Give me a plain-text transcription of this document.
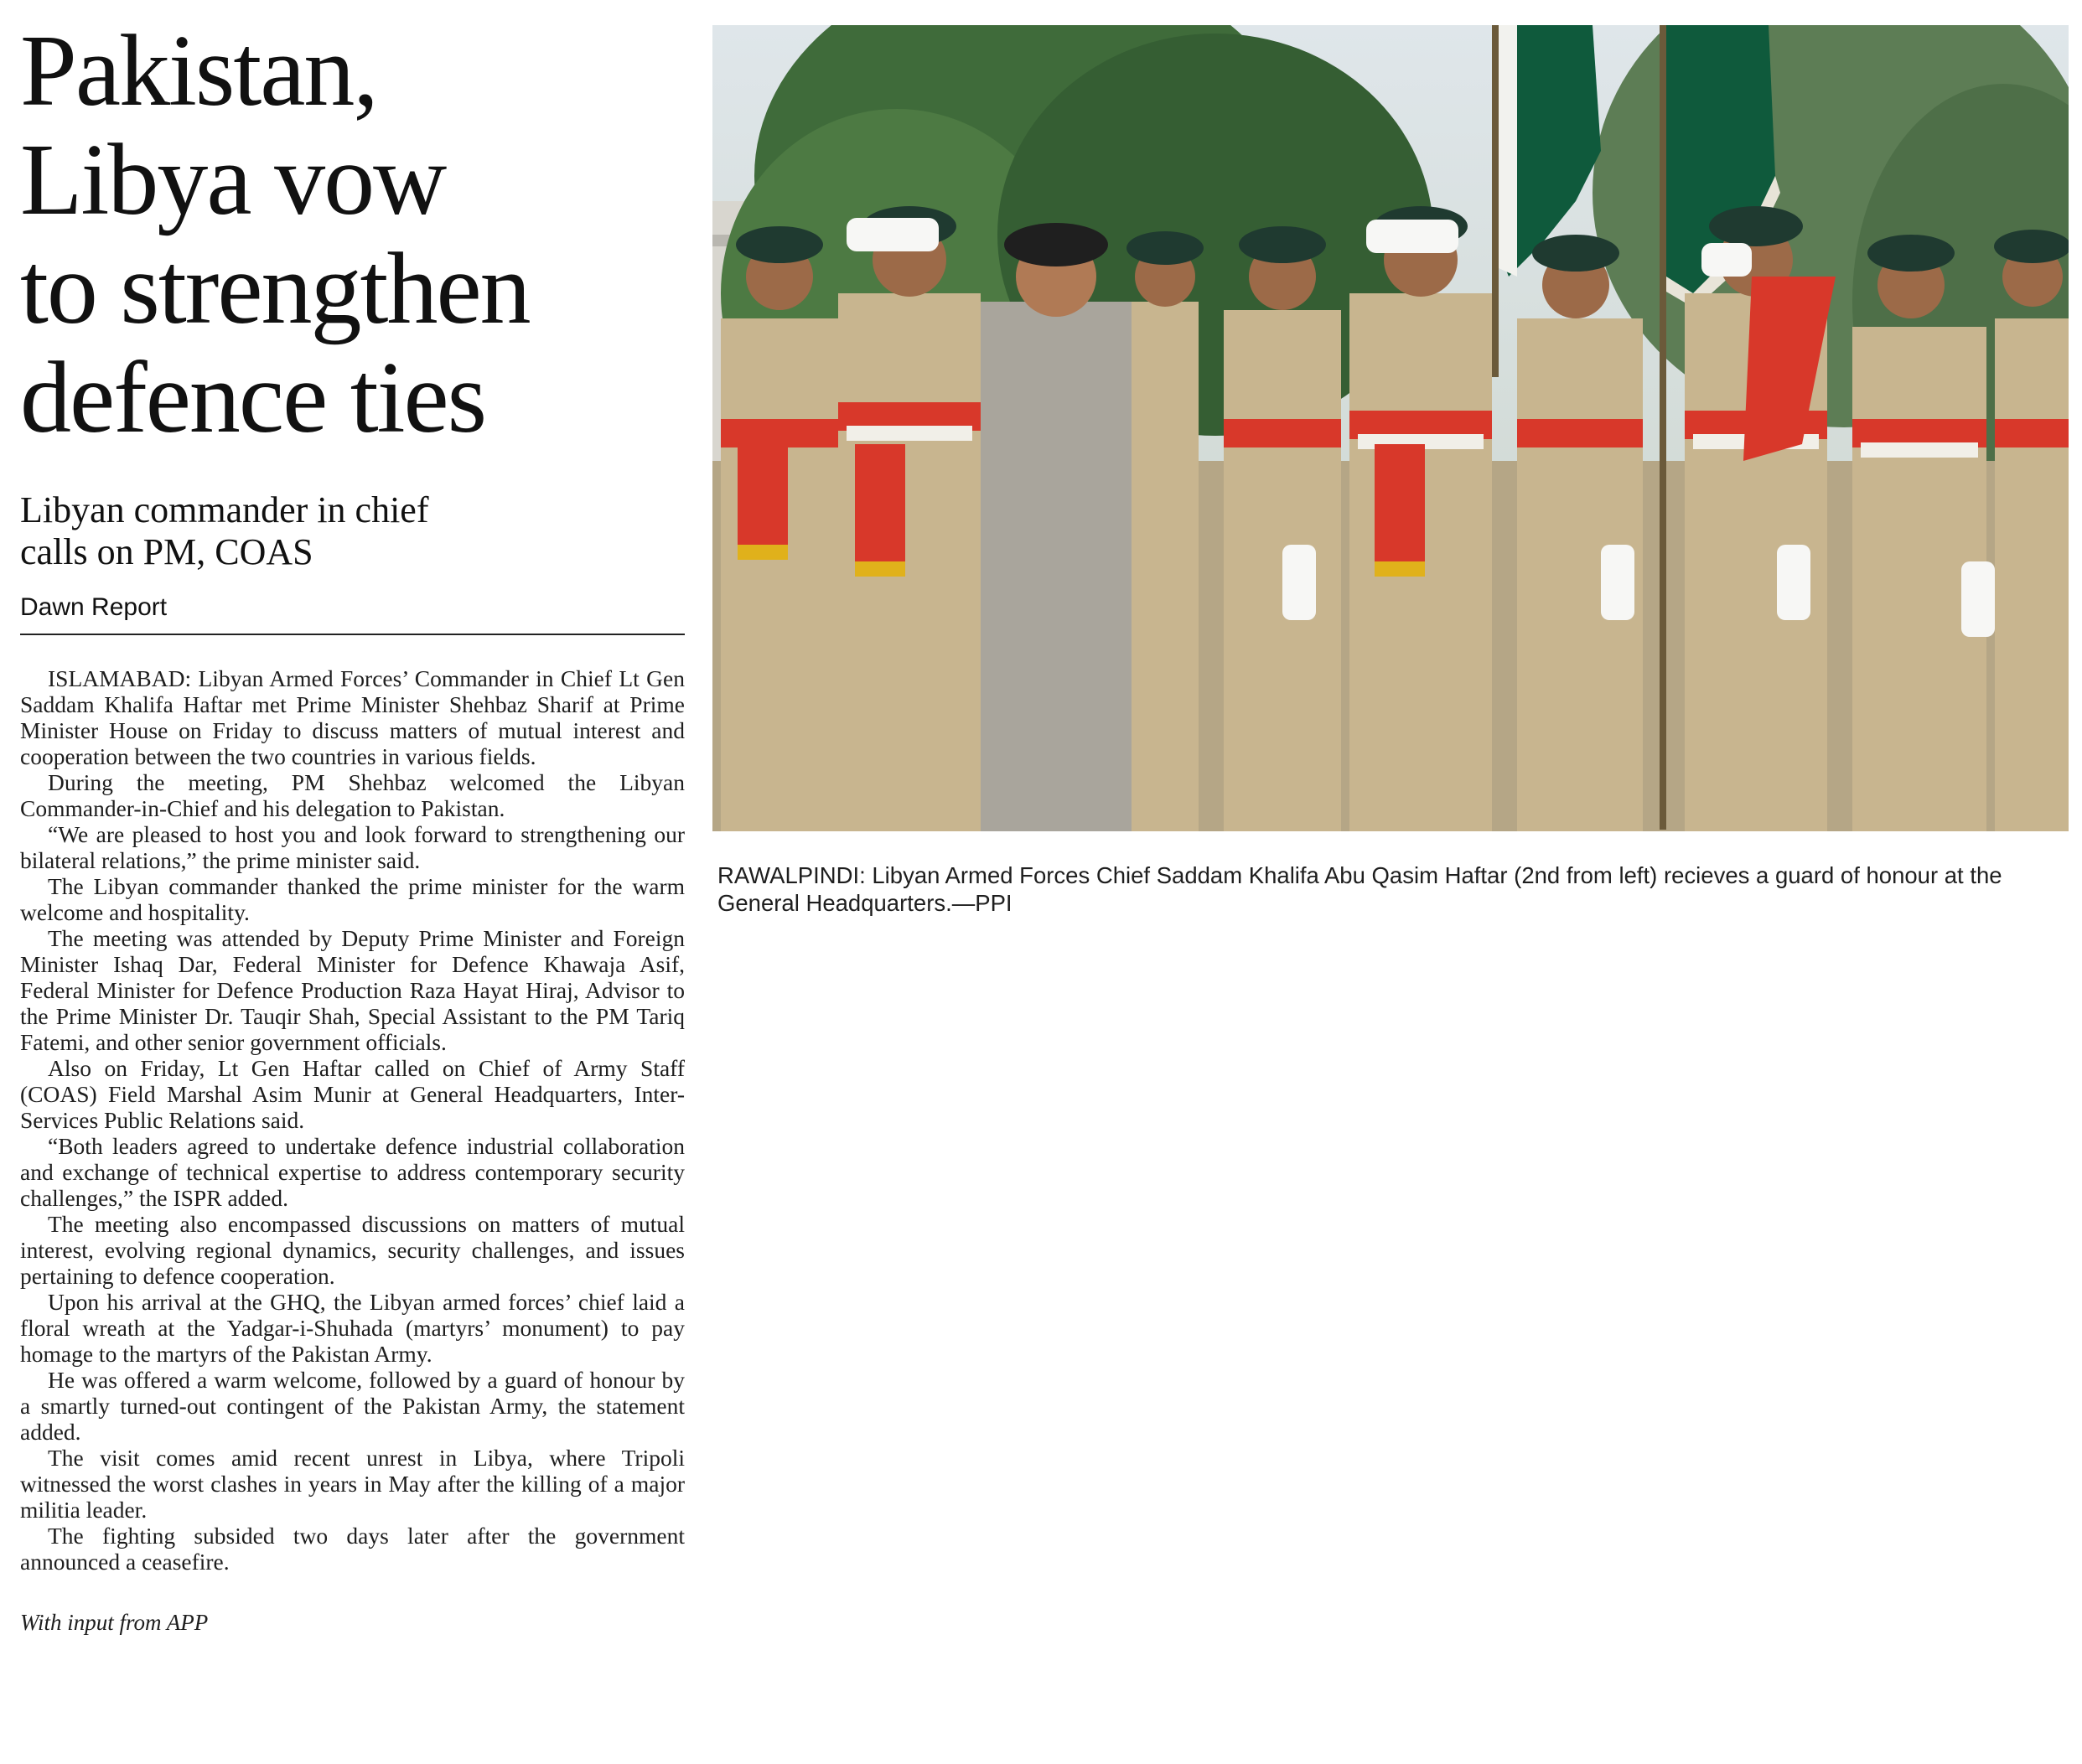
Pakistan,
Libya vow
to strengthen
defence ties
Libyan commander in chief
calls on PM, COAS
Dawn Report

ISLAMABAD: Libyan Armed Forces’ Commander in Chief Lt Gen Saddam Khalifa Haftar met Prime Minister Shehbaz Sharif at Prime Minister House on Friday to discuss matters of mutual interest and cooperation between the two countries in various fields.

During the meeting, PM Shehbaz welcomed the Libyan Commander-in-Chief and his delegation to Pakistan.

“We are pleased to host you and look forward to strengthening our bilateral relations,” the prime minister said.

The Libyan commander thanked the prime minister for the warm welcome and hospitality.

The meeting was attended by Deputy Prime Minister and Foreign Minister Ishaq Dar, Federal Minister for Defence Khawaja Asif, Federal Minister for Defence Production Raza Hayat Hiraj, Advisor to the Prime Minister Dr. Tauqir Shah, Special Assistant to the PM Tariq Fatemi, and other senior government officials.

Also on Friday, Lt Gen Haftar called on Chief of Army Staff (COAS) Field Marshal Asim Munir at General Headquarters, Inter-Services Public Relations said.

“Both leaders agreed to undertake defence industrial collaboration and exchange of technical expertise to address contemporary security challenges,” the ISPR added.

The meeting also encompassed discussions on matters of mutual interest, evolving regional dynamics, security challenges, and issues pertaining to defence cooperation.

Upon his arrival at the GHQ, the Libyan armed forces’ chief laid a floral wreath at the Yadgar-i-Shuhada (martyrs’ monument) to pay homage to the martyrs of the Pakistan Army.

He was offered a warm welcome, followed by a guard of honour by a smartly turned-out contingent of the Pakistan Army, the statement added.

The visit comes amid recent unrest in Libya, where Tripoli witnessed the worst clashes in years in May after the killing of a major militia leader.

The fighting subsided two days later after the government announced a ceasefire.

With input from APP
RAWALPINDI: Libyan Armed Forces Chief Saddam Khalifa Abu Qasim Haftar (2nd from left) recieves a guard of honour at the General Headquarters.—PPI
